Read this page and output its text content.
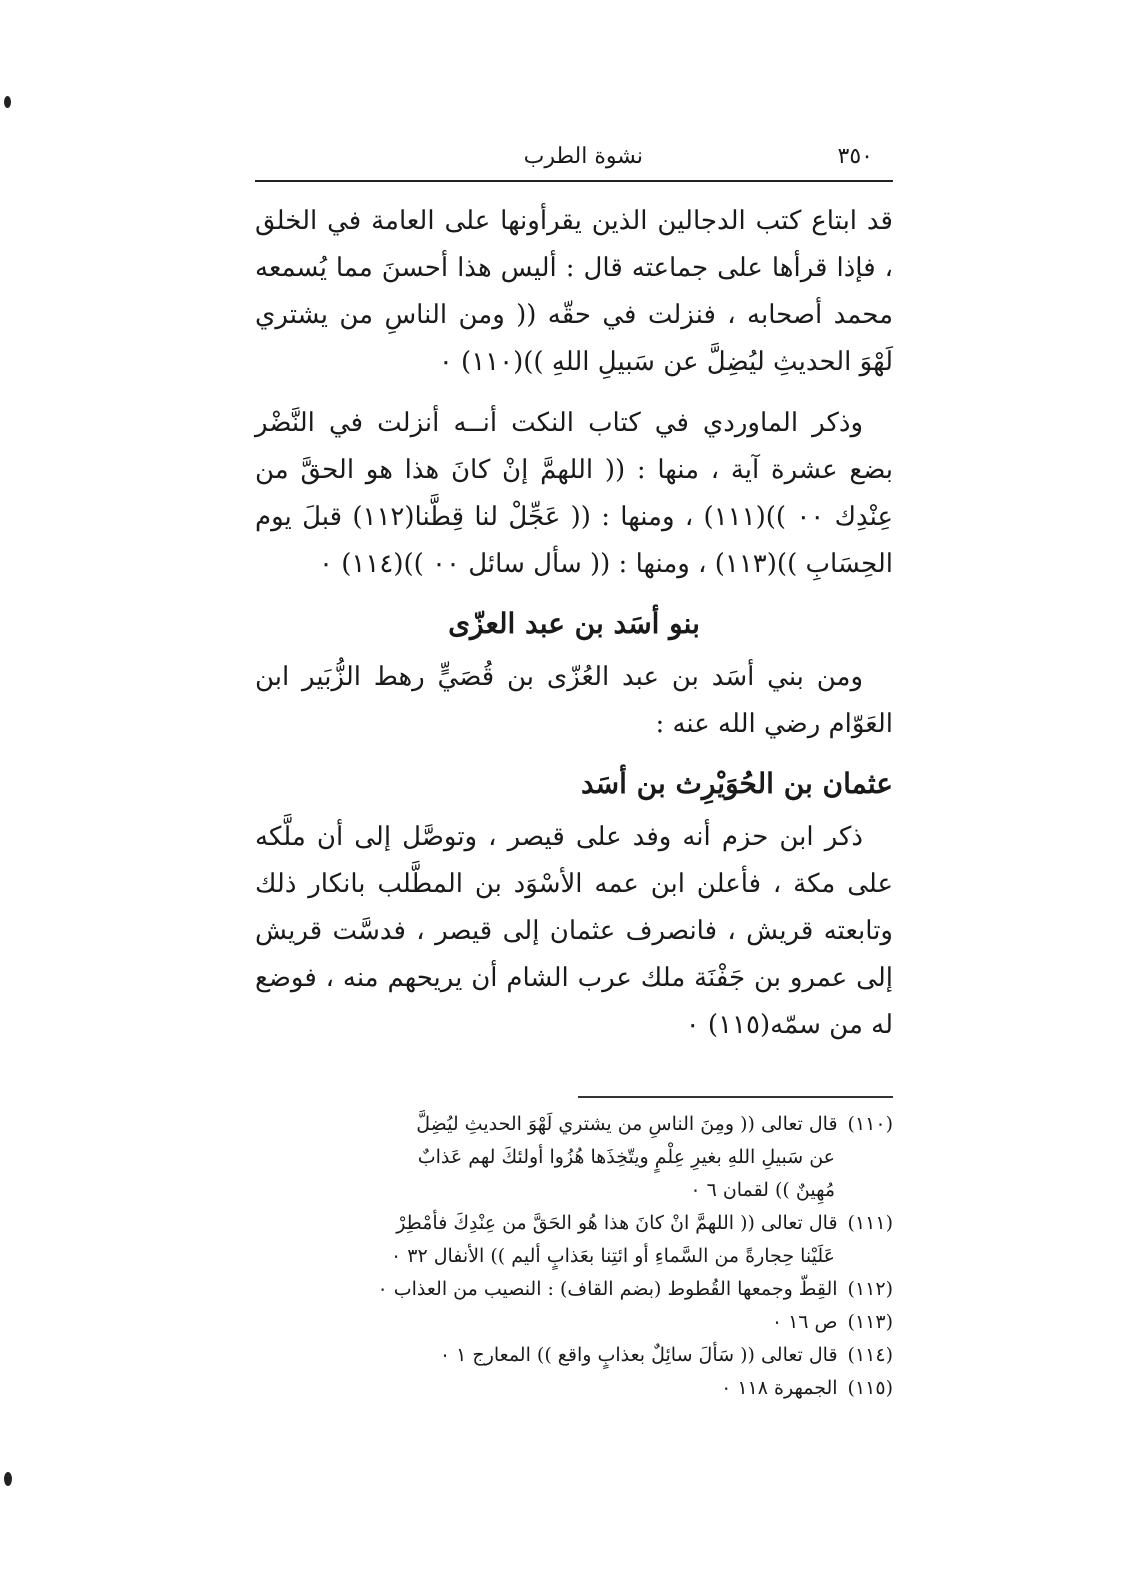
٣٥٠
نشوة الطرب

قد ابتاع كتب الدجالين الذين يقرأونها على العامة في الخلق ، فإذا قرأها على جماعته قال : أليس هذا أحسنَ مما يُسمعه محمد أصحابه ، فنزلت في حقّه (( ومن الناسِ من يشتري لَهْوَ الحديثِ ليُضِلَّ عن سَبيلِ اللهِ ))(١١٠) ٠

وذكر الماوردي في كتاب النكت أنــه أنزلت في النَّضْر بضع عشرة آية ، منها : (( اللهمَّ إنْ كانَ هذا هو الحقَّ من عِنْدِك ٠٠ ))(١١١) ، ومنها : (( عَجِّلْ لنا قِطَّنا(١١٢) قبلَ يوم الحِسَابِ ))(١١٣) ، ومنها : (( سأل سائل ٠٠ ))(١١٤) ٠

بنو أسَد بن عبد العزّى

ومن بني أسَد بن عبد العُزّى بن قُصَيٍّ رهط الزُّبَير ابن العَوّام رضي الله عنه :

عثمان بن الحُوَيْرِث بن أسَد

ذكر ابن حزم أنه وفد على قيصر ، وتوصَّل إلى أن ملَّكه على مكة ، فأعلن ابن عمه الأسْوَد بن المطَّلب بانكار ذلك وتابعته قريش ، فانصرف عثمان إلى قيصر ، فدسَّت قريش إلى عمرو بن جَفْنَة ملك عرب الشام أن يريحهم منه ، فوضع له من سمّه(١١٥) ٠

(١١٠)قال تعالى (( ومِنَ الناسِ من يشتري لَهْوَ الحديثِ ليُضِلَّ
عن سَبيلِ اللهِ بغيرِ عِلْمٍ ويتّخِذَها هُزُوا أولئكَ لهم عَذابٌ
مُهِينٌ )) لقمان ٦ ٠

(١١١)قال تعالى (( اللهمَّ انْ كانَ هذا هُو الحَقَّ من عِنْدِكَ فأمْطِرْ
عَلَيْنا حِجارةً من السَّماءِ أو ائتِنا بعَذابٍ أليم )) الأنفال ٣٢ ٠

(١١٢)القِطّ وجمعها القُطوط (بضم القاف) : النصيب من العذاب ٠

(١١٣)ص ١٦ ٠

(١١٤)قال تعالى (( سَألَ سائِلٌ بعذابٍ واقع )) المعارج ١ ٠

(١١٥)الجمهرة ١١٨ ٠
